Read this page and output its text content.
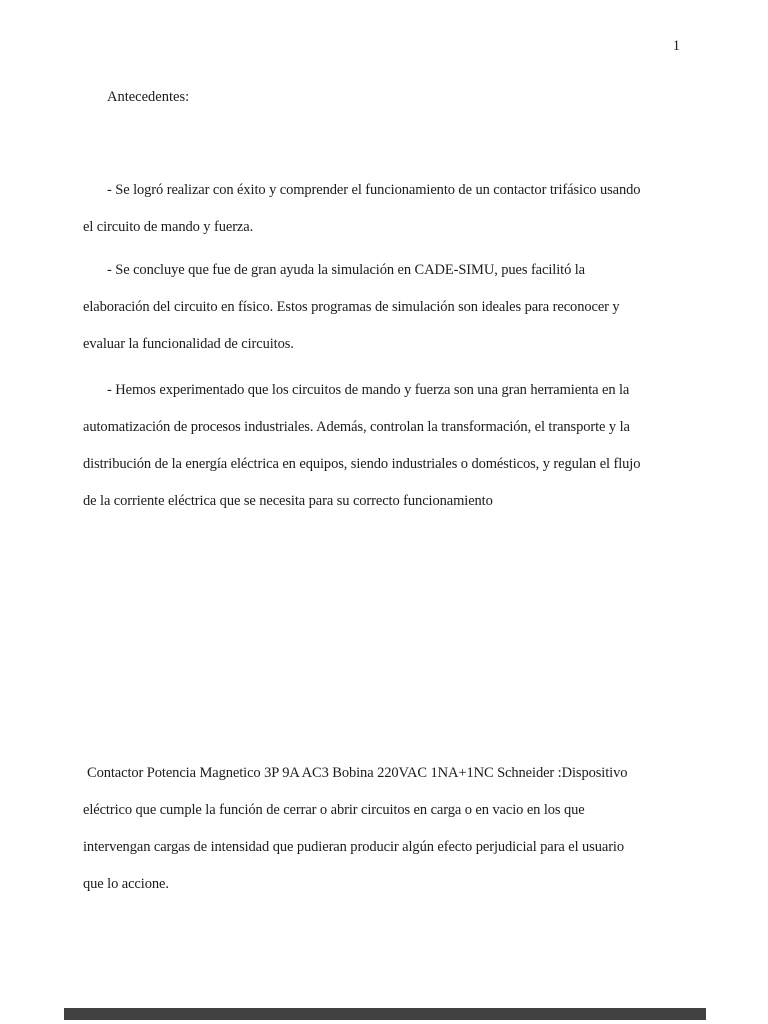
1
Antecedentes:
- Se logró realizar con éxito y comprender el funcionamiento de un contactor trifásico usando
el circuito de mando y fuerza.
- Se concluye que fue de gran ayuda la simulación en CADE-SIMU, pues facilitó la
elaboración del circuito en físico. Estos programas de simulación son ideales para reconocer y
evaluar la funcionalidad de circuitos.
- Hemos experimentado que los circuitos de mando y fuerza son una gran herramienta en la
automatización de procesos industriales. Además, controlan la transformación, el transporte y la
distribución de la energía eléctrica en equipos, siendo industriales o domésticos, y regulan el flujo
de la corriente eléctrica que se necesita para su correcto funcionamiento
Contactor Potencia Magnetico 3P 9A AC3 Bobina 220VAC 1NA+1NC Schneider :Dispositivo
eléctrico que cumple la función de cerrar o abrir circuitos en carga o en vacio en los que
intervengan cargas de intensidad que pudieran producir algún efecto perjudicial para el usuario
que lo accione.
